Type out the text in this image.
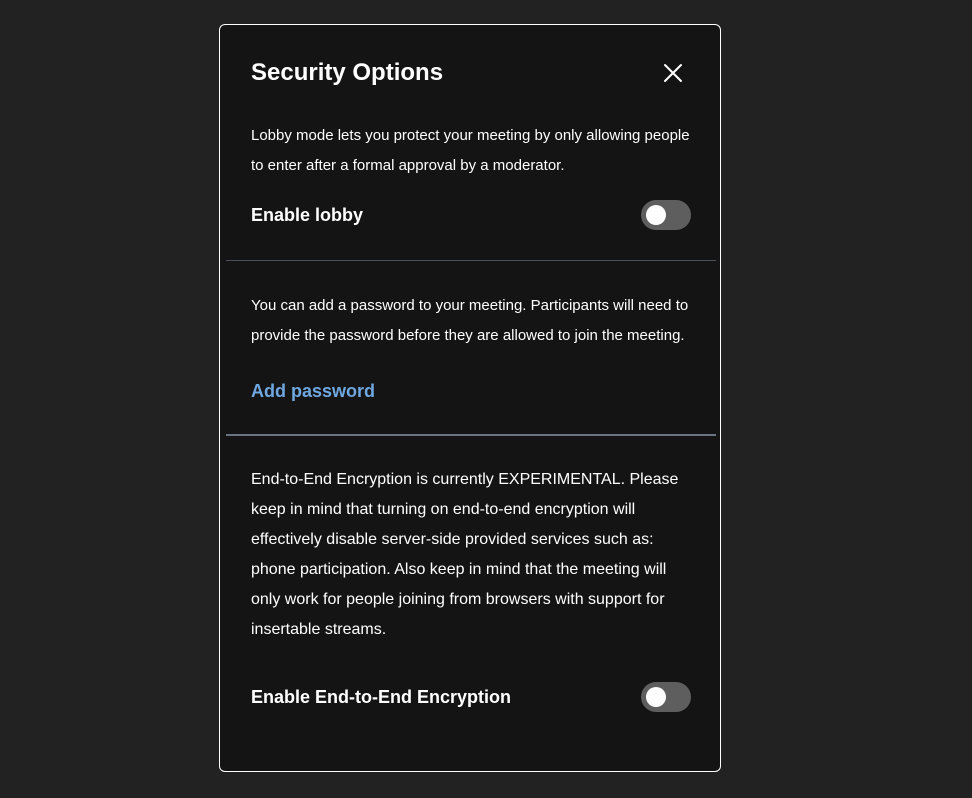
Security Options
Lobby mode lets you protect your meeting by only allowing people to enter after a formal approval by a moderator.
Enable lobby
You can add a password to your meeting. Participants will need to provide the password before they are allowed to join the meeting.
Add password
End-to-End Encryption is currently EXPERIMENTAL. Please keep in mind that turning on end-to-end encryption will effectively disable server-side provided services such as: phone participation. Also keep in mind that the meeting will only work for people joining from browsers with support for insertable streams.
Enable End-to-End Encryption
